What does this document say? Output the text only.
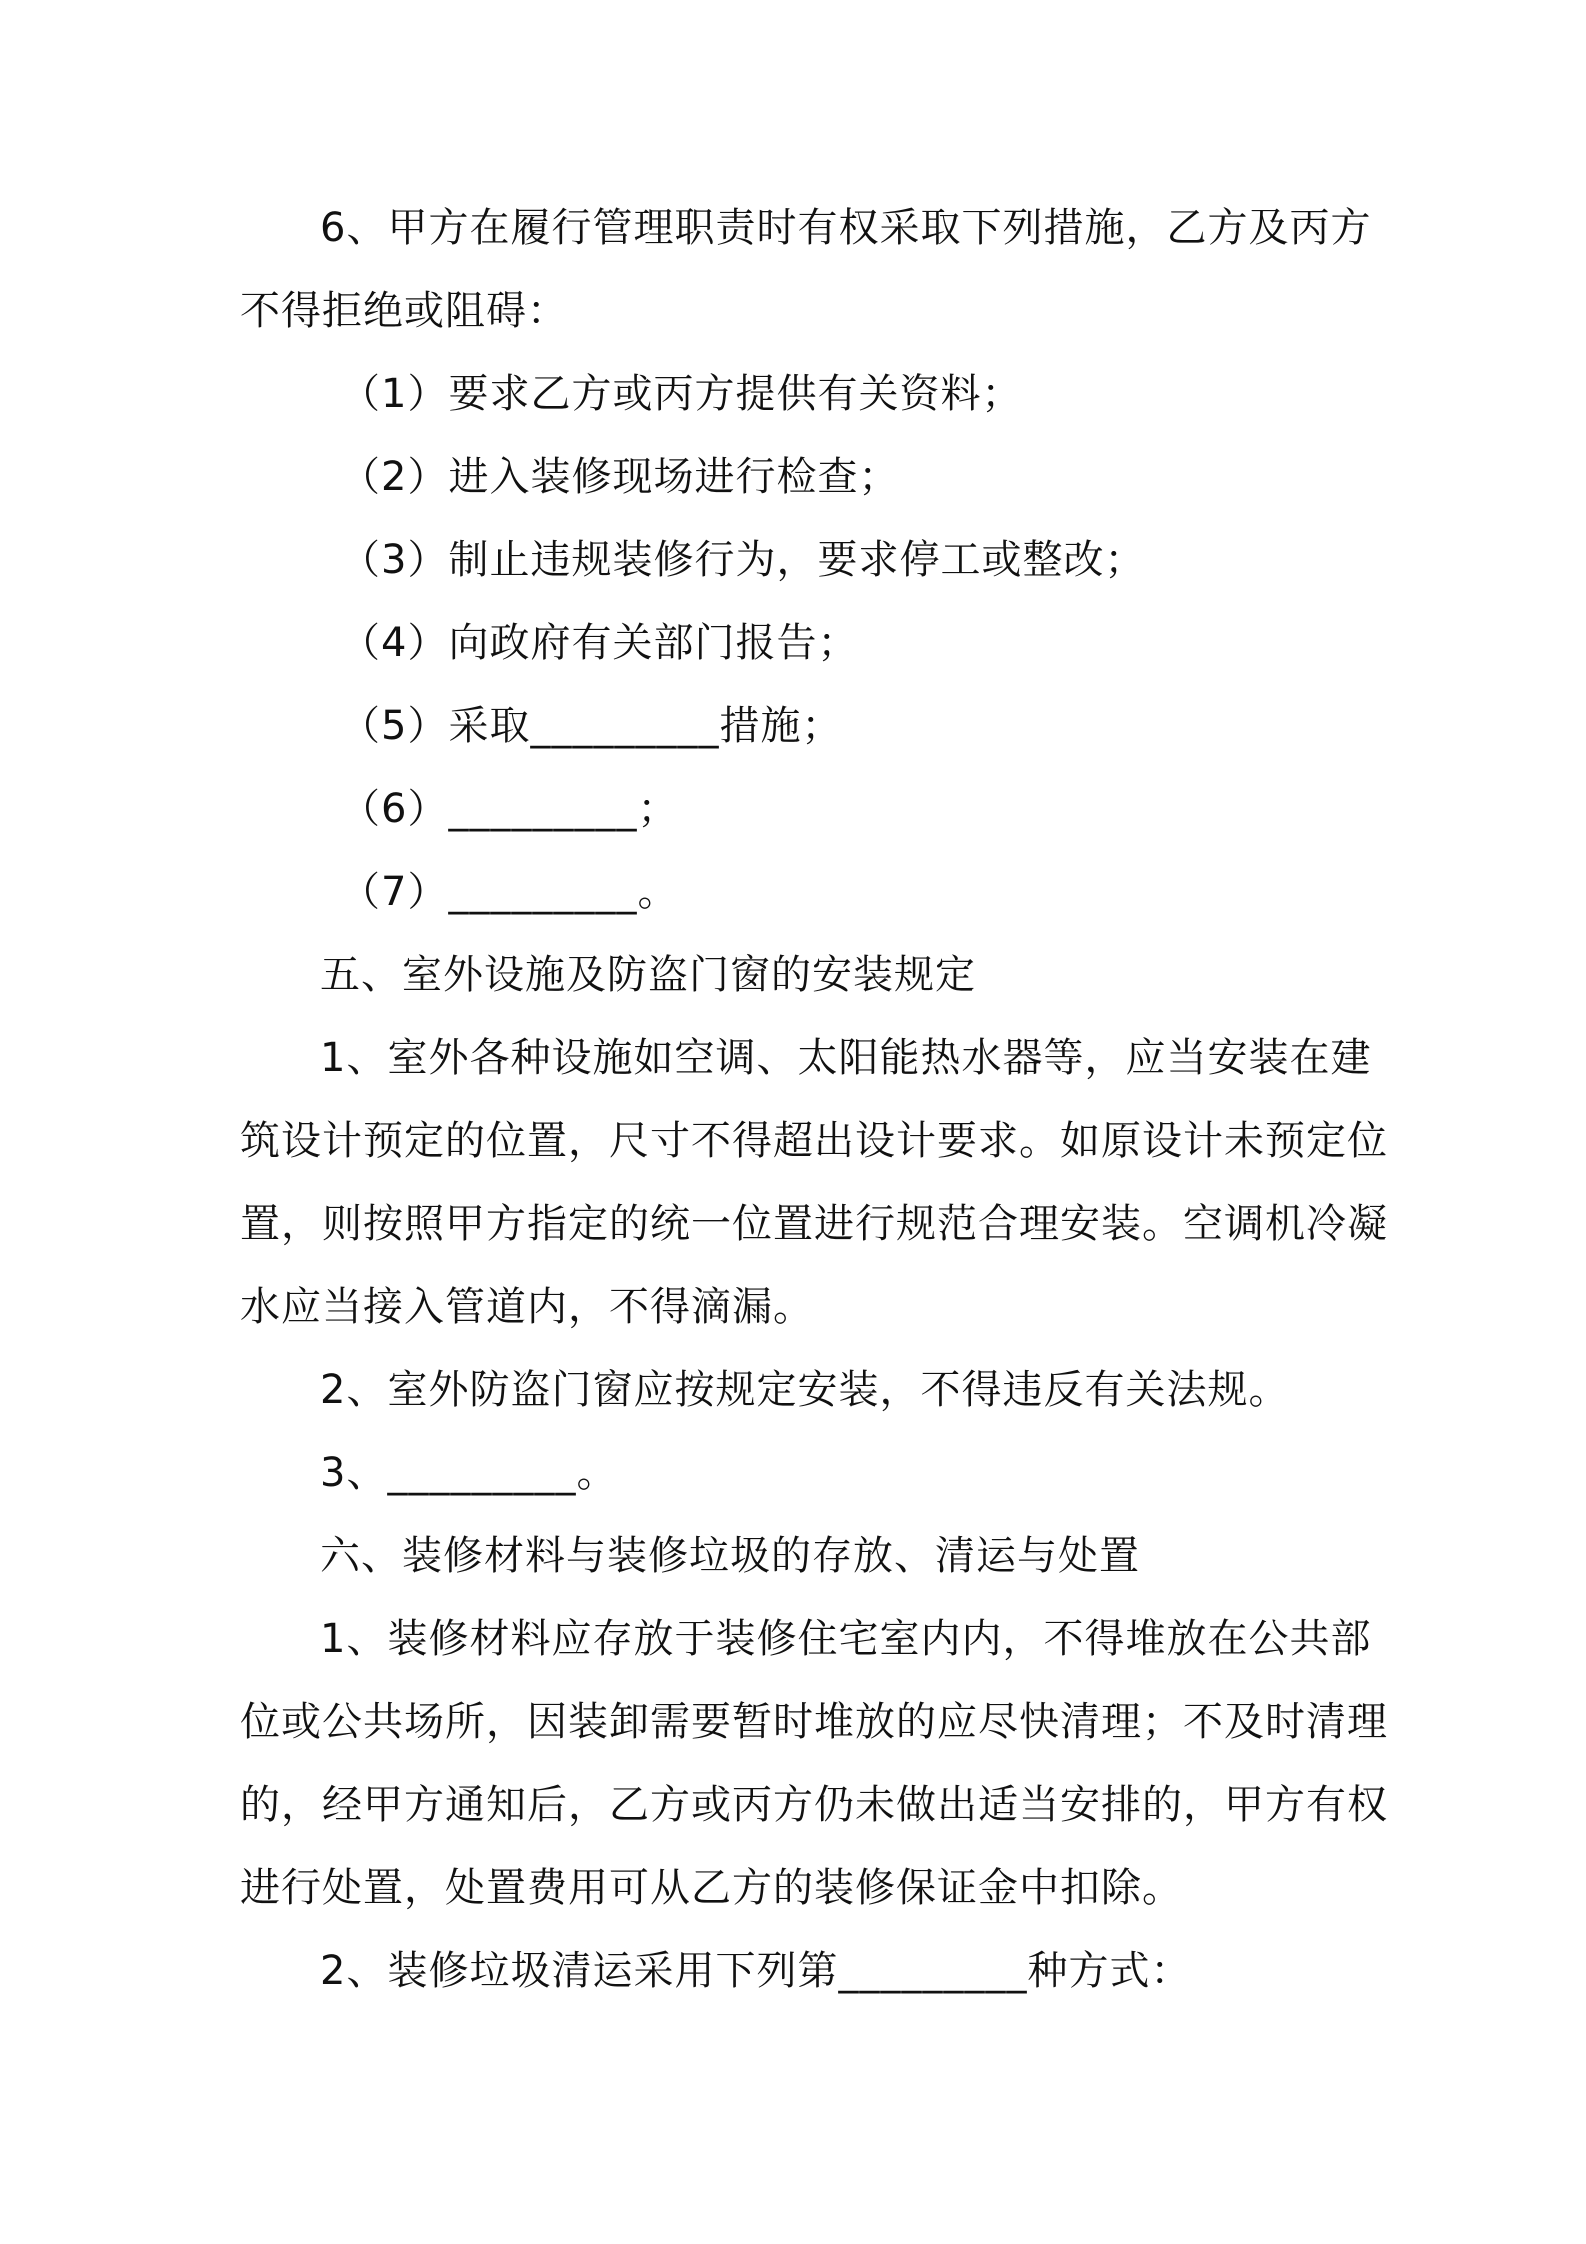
6、甲方在履行管理职责时有权采取下列措施，乙方及丙方
不得拒绝或阻碍：
（1）要求乙方或丙方提供有关资料；
（2）进入装修现场进行检查；
（3）制止违规装修行为，要求停工或整改；
（4）向政府有关部门报告；
（5）采取_________措施；
（6）_________；
（7）_________。
五、室外设施及防盗门窗的安装规定
1、室外各种设施如空调、太阳能热水器等，应当安装在建
筑设计预定的位置，尺寸不得超出设计要求。如原设计未预定位
置，则按照甲方指定的统一位置进行规范合理安装。空调机冷凝
水应当接入管道内，不得滴漏。
2、室外防盗门窗应按规定安装，不得违反有关法规。
3、_________。
六、装修材料与装修垃圾的存放、清运与处置
1、装修材料应存放于装修住宅室内内，不得堆放在公共部
位或公共场所，因装卸需要暂时堆放的应尽快清理；不及时清理
的，经甲方通知后，乙方或丙方仍未做出适当安排的，甲方有权
进行处置，处置费用可从乙方的装修保证金中扣除。
2、装修垃圾清运采用下列第_________种方式：
